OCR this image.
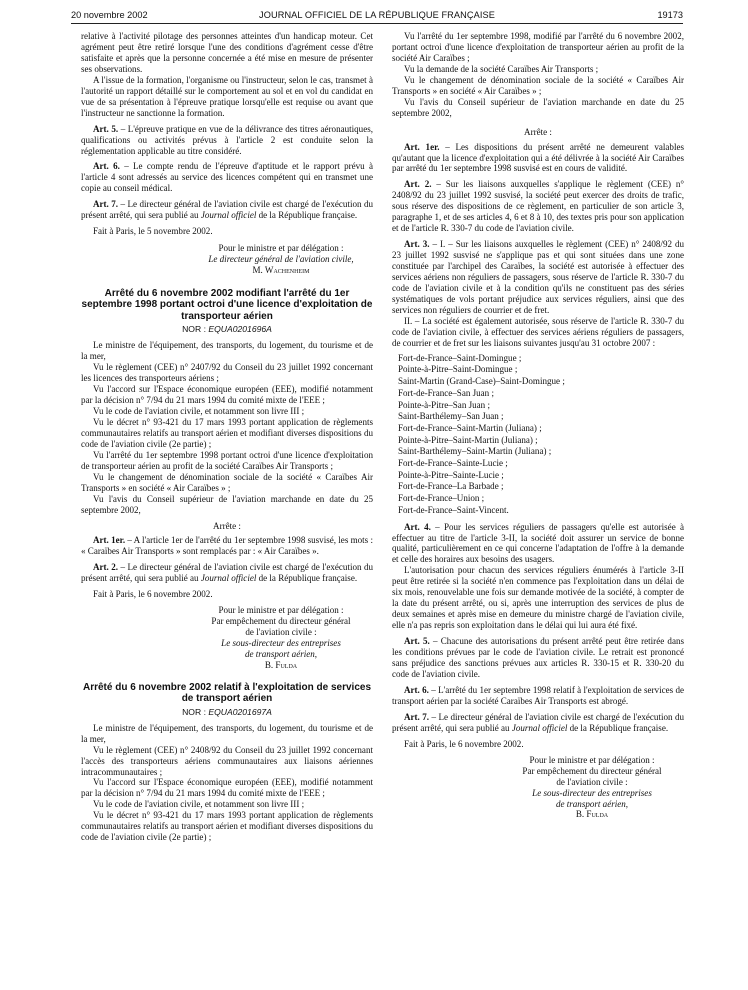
20 novembre 2002	JOURNAL OFFICIEL DE LA RÉPUBLIQUE FRANÇAISE	19173

relative à l'activité pilotage des personnes atteintes d'un handicap moteur. Cet agrément peut être retiré lorsque l'une des conditions d'agrément cesse d'être satisfaite et après que la personne concernée a été mise en mesure de présenter ses observations.

A l'issue de la formation, l'organisme ou l'instructeur, selon le cas, transmet à l'autorité un rapport détaillé sur le comportement au sol et en vol du candidat en vue de sa présentation à l'épreuve pratique lorsqu'elle est requise ou avant que l'instructeur ne sanctionne la formation.

Art. 5. – L'épreuve pratique en vue de la délivrance des titres aéronautiques, qualifications ou activités prévus à l'article 2 est conduite selon la réglementation applicable au titre considéré.

Art. 6. – Le compte rendu de l'épreuve d'aptitude et le rapport prévu à l'article 4 sont adressés au service des licences compétent qui en transmet une copie au conseil médical.

Art. 7. – Le directeur général de l'aviation civile est chargé de l'exécution du présent arrêté, qui sera publié au Journal officiel de la République française.

Fait à Paris, le 5 novembre 2002.

Pour le ministre et par délégation :
Le directeur général de l'aviation civile,
M. Wachenheim
Arrêté du 6 novembre 2002 modifiant l'arrêté du 1er septembre 1998 portant octroi d'une licence d'exploitation de transporteur aérien
NOR : EQUA0201696A

Le ministre de l'équipement, des transports, du logement, du tourisme et de la mer,

Vu le règlement (CEE) n° 2407/92 du Conseil du 23 juillet 1992 concernant les licences des transporteurs aériens ;

Vu l'accord sur l'Espace économique européen (EEE), modifié notamment par la décision n° 7/94 du 21 mars 1994 du comité mixte de l'EEE ;

Vu le code de l'aviation civile, et notamment son livre III ;

Vu le décret n° 93-421 du 17 mars 1993 portant application de règlements communautaires relatifs au transport aérien et modifiant diverses dispositions du code de l'aviation civile (2e partie) ;

Vu l'arrêté du 1er septembre 1998 portant octroi d'une licence d'exploitation de transporteur aérien au profit de la société Caraïbes Air Transports ;

Vu le changement de dénomination sociale de la société « Caraïbes Air Transports » en société « Air Caraïbes » ;

Vu l'avis du Conseil supérieur de l'aviation marchande en date du 25 septembre 2002,

Arrête :

Art. 1er. – A l'article 1er de l'arrêté du 1er septembre 1998 susvisé, les mots : « Caraïbes Air Transports » sont remplacés par : « Air Caraïbes ».

Art. 2. – Le directeur général de l'aviation civile est chargé de l'exécution du présent arrêté, qui sera publié au Journal officiel de la République française.

Fait à Paris, le 6 novembre 2002.

Pour le ministre et par délégation :
Par empêchement du directeur général
de l'aviation civile :
Le sous-directeur des entreprises
de transport aérien,
B. Fulda
Arrêté du 6 novembre 2002 relatif à l'exploitation de services de transport aérien
NOR : EQUA0201697A

Le ministre de l'équipement, des transports, du logement, du tourisme et de la mer,

Vu le règlement (CEE) n° 2408/92 du Conseil du 23 juillet 1992 concernant l'accès des transporteurs aériens communautaires aux liaisons aériennes intracommunautaires ;

Vu l'accord sur l'Espace économique européen (EEE), modifié notamment par la décision n° 7/94 du 21 mars 1994 du comité mixte de l'EEE ;

Vu le code de l'aviation civile, et notamment son livre III ;

Vu le décret n° 93-421 du 17 mars 1993 portant application de règlements communautaires relatifs au transport aérien et modifiant diverses dispositions du code de l'aviation civile (2e partie) ;

Vu l'arrêté du 1er septembre 1998, modifié par l'arrêté du 6 novembre 2002, portant octroi d'une licence d'exploitation de transporteur aérien au profit de la société Air Caraïbes ;

Vu la demande de la société Caraïbes Air Transports ;

Vu le changement de dénomination sociale de la société « Caraïbes Air Transports » en société « Air Caraïbes » ;

Vu l'avis du Conseil supérieur de l'aviation marchande en date du 25 septembre 2002,

Arrête :

Art. 1er. – Les dispositions du présent arrêté ne demeurent valables qu'autant que la licence d'exploitation qui a été délivrée à la société Air Caraïbes par arrêté du 1er septembre 1998 susvisé est en cours de validité.

Art. 2. – Sur les liaisons auxquelles s'applique le règlement (CEE) n° 2408/92 du 23 juillet 1992 susvisé, la société peut exercer des droits de trafic, sous réserve des dispositions de ce règlement, en particulier de son article 3, paragraphe 1, et de ses articles 4, 6 et 8 à 10, des textes pris pour son application et de l'article R. 330-7 du code de l'aviation civile.

Art. 3. – I. – Sur les liaisons auxquelles le règlement (CEE) n° 2408/92 du 23 juillet 1992 susvisé ne s'applique pas et qui sont situées dans une zone constituée par l'archipel des Caraïbes, la société est autorisée à effectuer des services aériens non réguliers de passagers, sous réserve de l'article R. 330-7 du code de l'aviation civile et à la condition qu'ils ne constituent pas des séries systématiques de vols portant préjudice aux services réguliers, ainsi que des services non réguliers de courrier et de fret.

II. – La société est également autorisée, sous réserve de l'article R. 330-7 du code de l'aviation civile, à effectuer des services aériens réguliers de passagers, de courrier et de fret sur les liaisons suivantes jusqu'au 31 octobre 2007 :

Fort-de-France–Saint-Domingue ;
Pointe-à-Pitre–Saint-Domingue ;
Saint-Martin (Grand-Case)–Saint-Domingue ;
Fort-de-France–San Juan ;
Pointe-à-Pitre–San Juan ;
Saint-Barthélemy–San Juan ;
Fort-de-France–Saint-Martin (Juliana) ;
Pointe-à-Pitre–Saint-Martin (Juliana) ;
Saint-Barthélemy–Saint-Martin (Juliana) ;
Fort-de-France–Sainte-Lucie ;
Pointe-à-Pitre–Sainte-Lucie ;
Fort-de-France–La Barbade ;
Fort-de-France–Union ;
Fort-de-France–Saint-Vincent.

Art. 4. – Pour les services réguliers de passagers qu'elle est autorisée à effectuer au titre de l'article 3-II, la société doit assurer un service de bonne qualité, particulièrement en ce qui concerne l'adaptation de l'offre à la demande et celle des horaires aux besoins des usagers.

L'autorisation pour chacun des services réguliers énumérés à l'article 3-II peut être retirée si la société n'en commence pas l'exploitation dans un délai de six mois, renouvelable une fois sur demande motivée de la société, à compter de la date du présent arrêté, ou si, après une interruption des services de plus de deux semaines et après mise en demeure du ministre chargé de l'aviation civile, elle n'a pas repris son exploitation dans le délai qui lui aura été fixé.

Art. 5. – Chacune des autorisations du présent arrêté peut être retirée dans les conditions prévues par le code de l'aviation civile. Le retrait est prononcé sans préjudice des sanctions prévues aux articles R. 330-15 et R. 330-20 du code de l'aviation civile.

Art. 6. – L'arrêté du 1er septembre 1998 relatif à l'exploitation de services de transport aérien par la société Caraïbes Air Transports est abrogé.

Art. 7. – Le directeur général de l'aviation civile est chargé de l'exécution du présent arrêté, qui sera publié au Journal officiel de la République française.

Fait à Paris, le 6 novembre 2002.

Pour le ministre et par délégation :
Par empêchement du directeur général
de l'aviation civile :
Le sous-directeur des entreprises
de transport aérien,
B. Fulda
